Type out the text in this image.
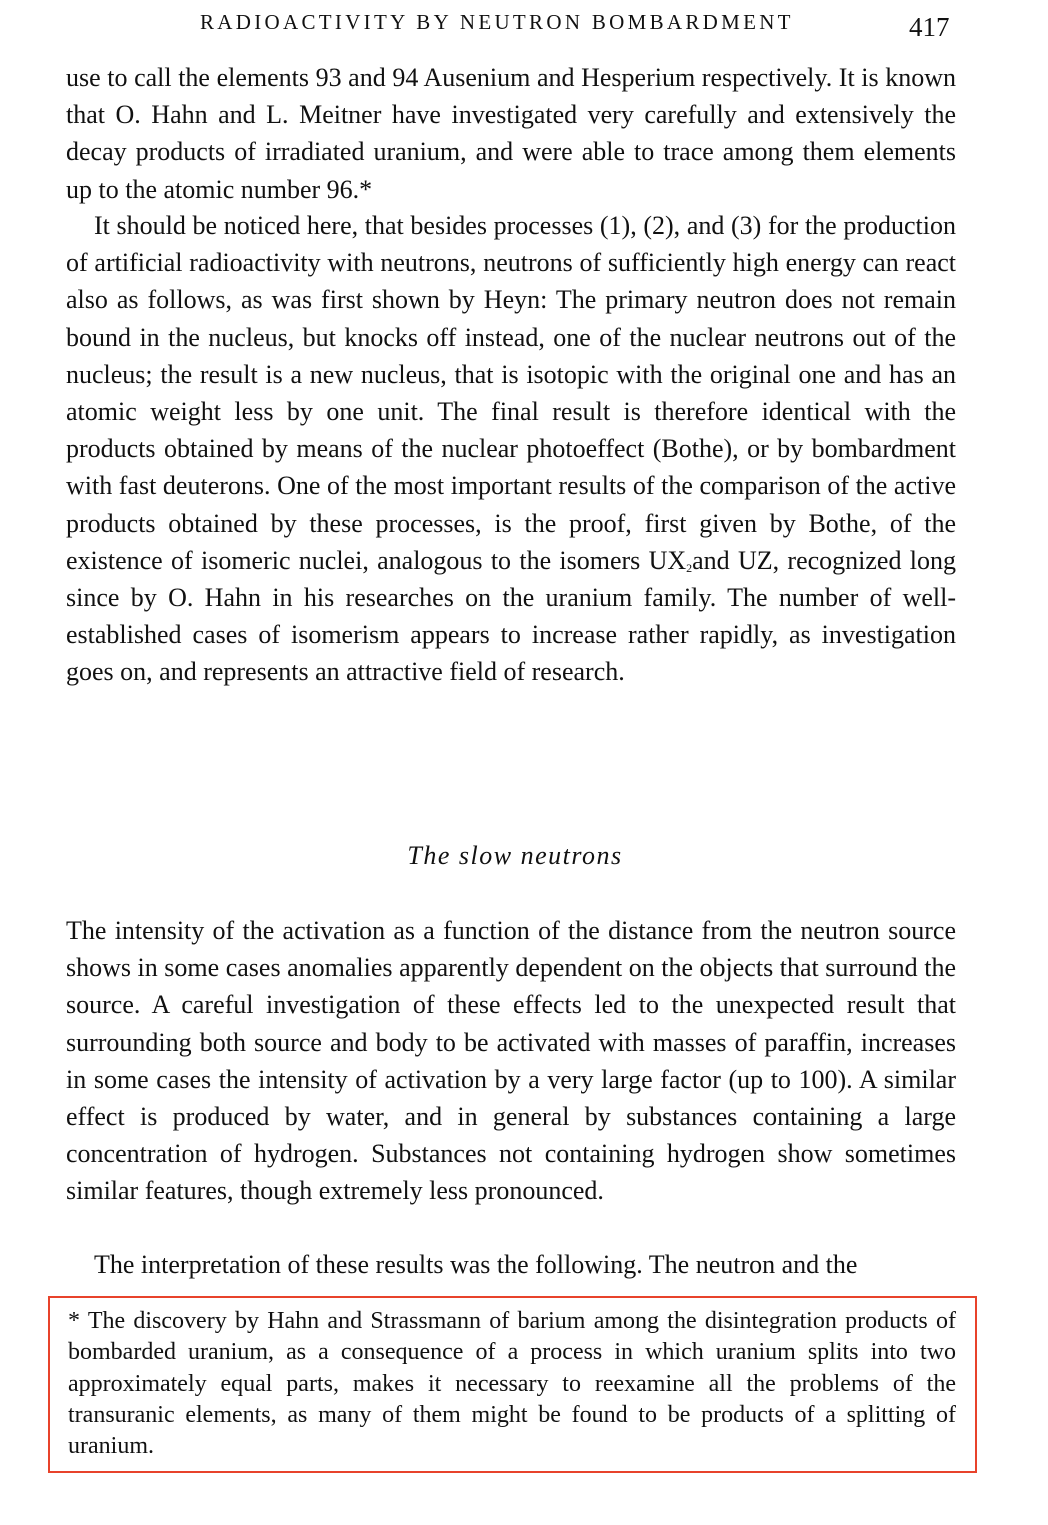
RADIOACTIVITY BY NEUTRON BOMBARDMENT	417

use to call the elements 93 and 94 Ausenium and Hesperium respectively. It is known that O. Hahn and L. Meitner have investigated very carefully and extensively the decay products of irradiated uranium, and were able to trace among them elements up to the atomic number 96.*

It should be noticed here, that besides processes (1), (2), and (3) for the production of artificial radioactivity with neutrons, neutrons of sufficiently high energy can react also as follows, as was first shown by Heyn: The primary neutron does not remain bound in the nucleus, but knocks off instead, one of the nuclear neutrons out of the nucleus; the result is a new nucleus, that is isotopic with the original one and has an atomic weight less by one unit. The final result is therefore identical with the products obtained by means of the nuclear photoeffect (Bothe), or by bombardment with fast deuterons. One of the most important results of the comparison of the active products obtained by these processes, is the proof, first given by Bothe, of the existence of isomeric nuclei, analogous to the isomers $UX_2and$ UZ, recognized long since by O. Hahn in his researches on the uranium family. The number of well-established cases of isomerism appears to increase rather rapidly, as investigation goes on, and represents an attractive field of research.

The slow neutrons

The intensity of the activation as a function of the distance from the neutron source shows in some cases anomalies apparently dependent on the objects that surround the source. A careful investigation of these effects led to the unexpected result that surrounding both source and body to be activated with masses of paraffin, increases in some cases the intensity of activation by a very large factor (up to 100). A similar effect is produced by water, and in general by substances containing a large concentration of hydrogen. Substances not containing hydrogen show sometimes similar features, though extremely less pronounced.

The interpretation of these results was the following. The neutron and the

* The discovery by Hahn and Strassmann of barium among the disintegration products of bombarded uranium, as a consequence of a process in which uranium splits into two approximately equal parts, makes it necessary to reexamine all the problems of the transuranic elements, as many of them might be found to be products of a splitting of uranium.
